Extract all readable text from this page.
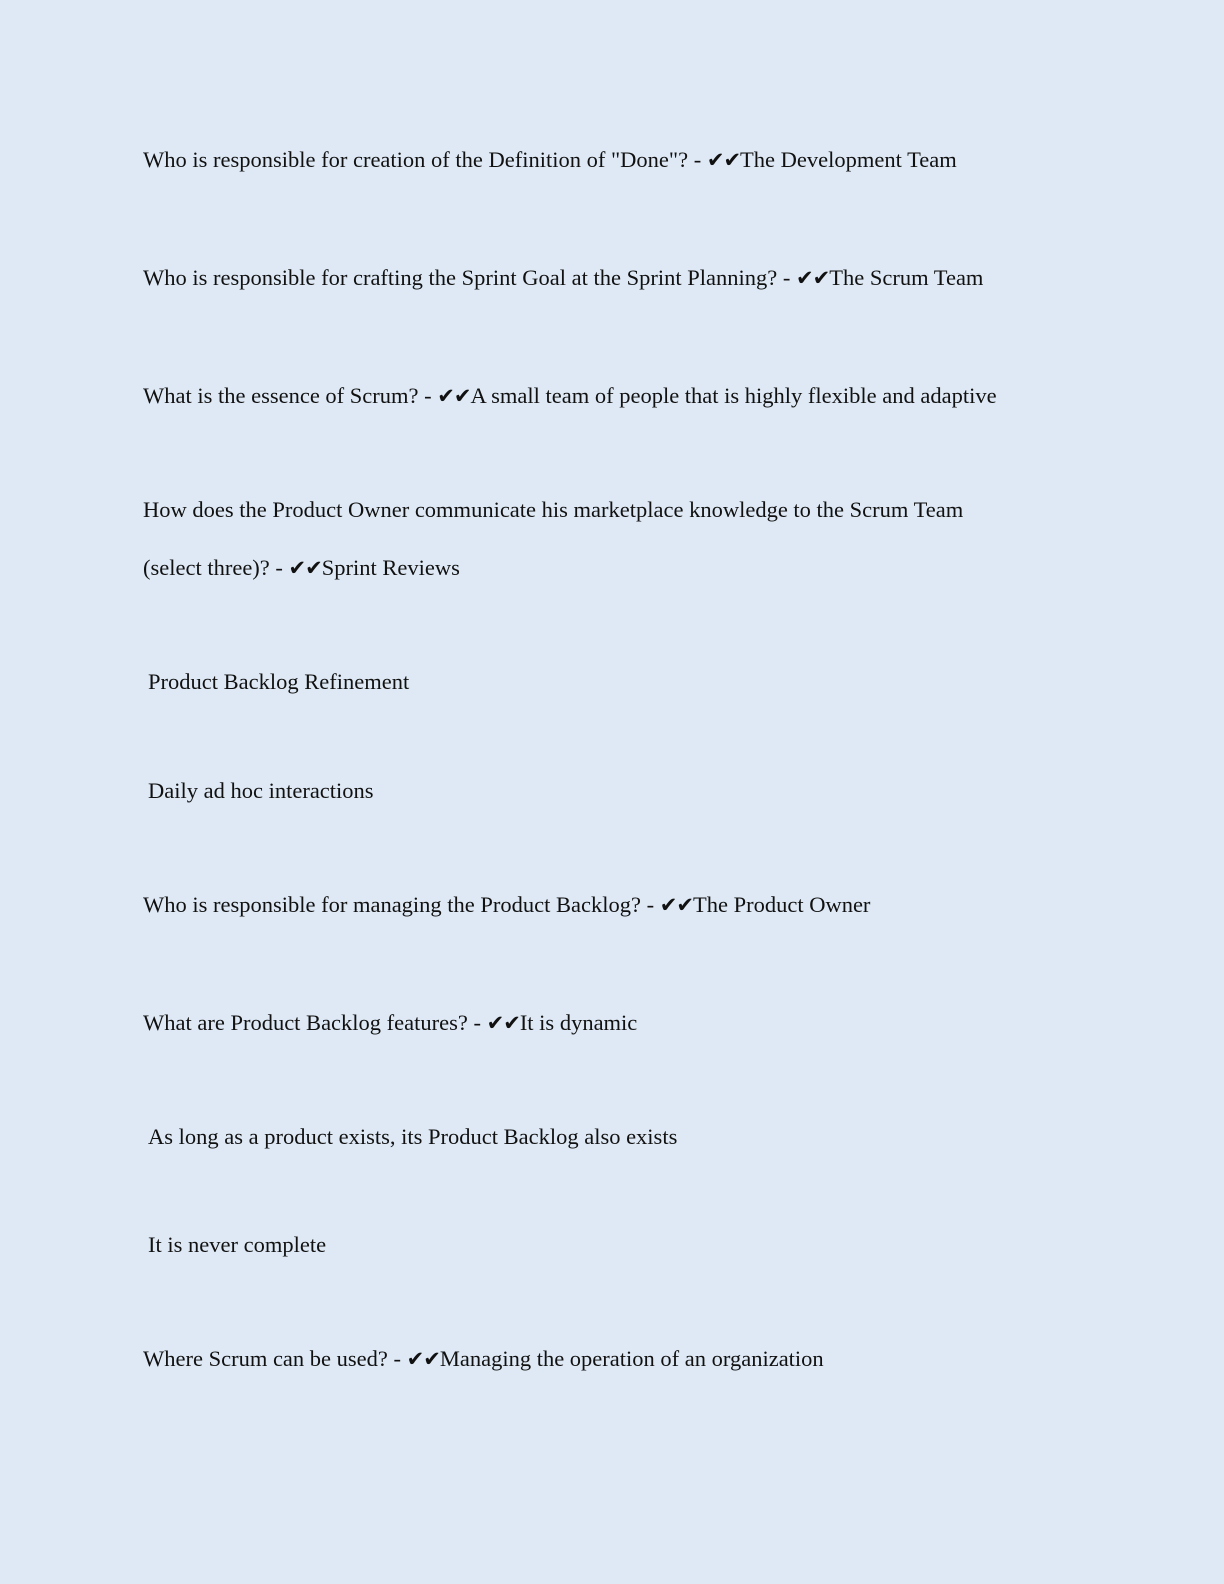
Who is responsible for creation of the Definition of "Done"? - ✔✔The Development Team
Who is responsible for crafting the Sprint Goal at the Sprint Planning? - ✔✔The Scrum Team
What is the essence of Scrum? - ✔✔A small team of people that is highly flexible and adaptive
How does the Product Owner communicate his marketplace knowledge to the Scrum Team
(select three)? - ✔✔Sprint Reviews
Product Backlog Refinement
Daily ad hoc interactions
Who is responsible for managing the Product Backlog? - ✔✔The Product Owner
What are Product Backlog features? - ✔✔It is dynamic
As long as a product exists, its Product Backlog also exists
It is never complete
Where Scrum can be used? - ✔✔Managing the operation of an organization
